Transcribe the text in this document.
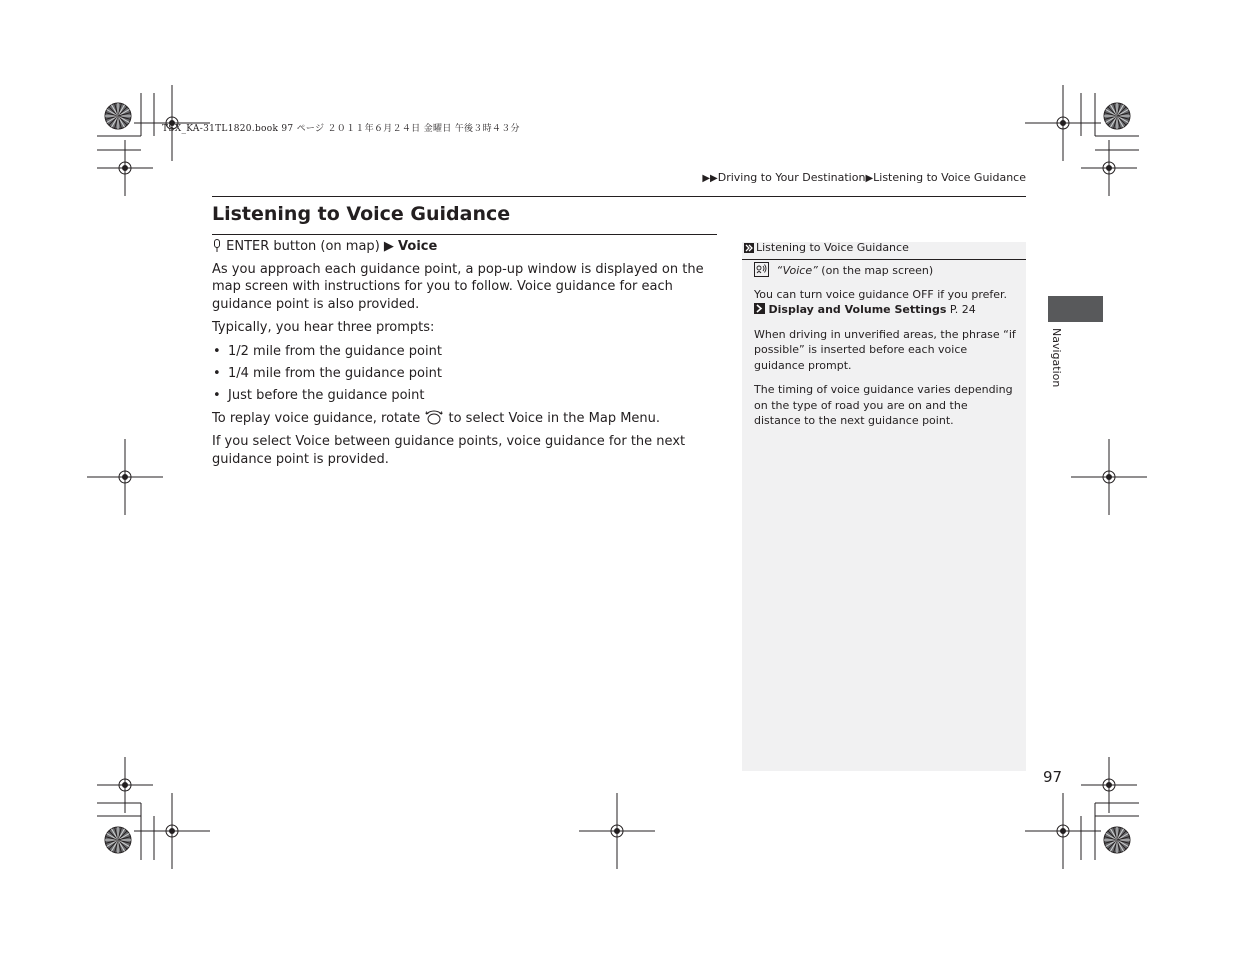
TSX_KA-31TL1820.book 97 ページ ２０１１年６月２４日 金曜日 午後３時４３分
▶▶Driving to Your Destination▶Listening to Voice Guidance
Listening to Voice Guidance

ENTER button (on map) ▶ Voice

As you approach each guidance point, a pop-up window is displayed on the map screen with instructions for you to follow. Voice guidance for each guidance point is also provided.

Typically, you hear three prompts:

• 1/2 mile from the guidance point
• 1/4 mile from the guidance point
• Just before the guidance point

To replay voice guidance, rotate to select Voice in the Map Menu.

If you select Voice between guidance points, voice guidance for the next guidance point is provided.

Listening to Voice Guidance

“Voice” (on the map screen)

You can turn voice guidance OFF if you prefer.
Display and Volume Settings P. 24

When driving in unverified areas, the phrase “if possible” is inserted before each voice guidance prompt.

The timing of voice guidance varies depending on the type of road you are on and the distance to the next guidance point.

Navigation
97
